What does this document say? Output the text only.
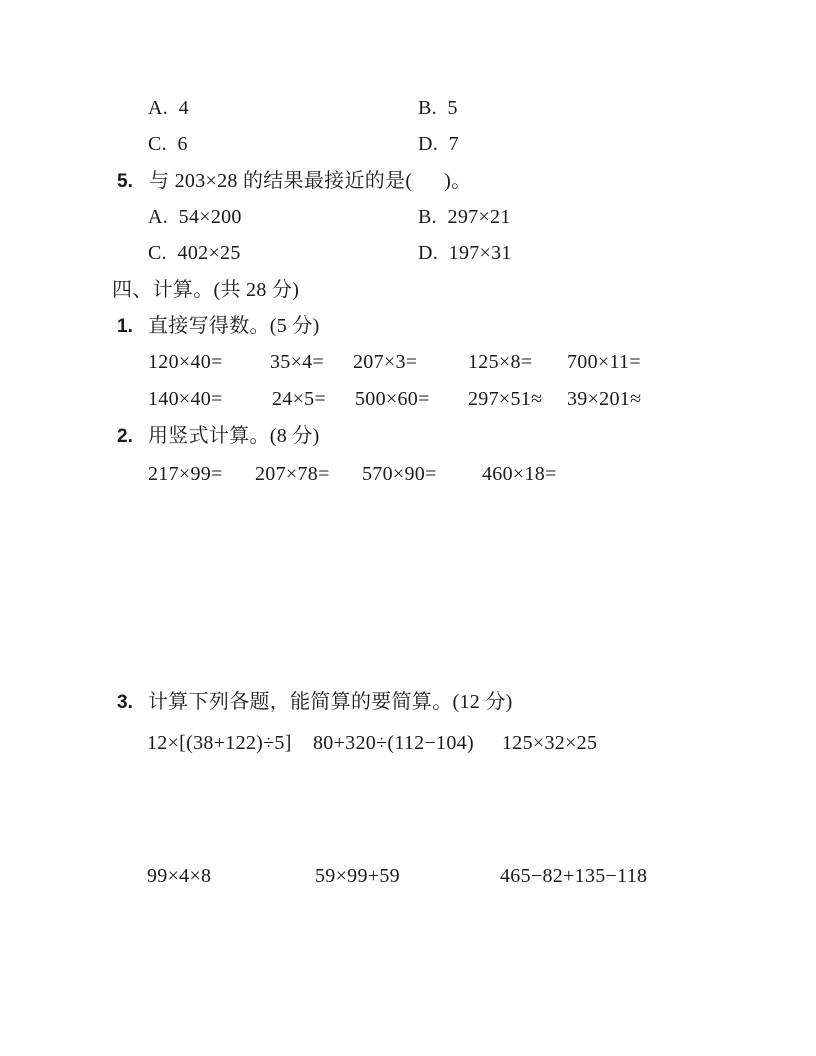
A.  4	B.  5
C.  6	D.  7
5. 与 203×28 的结果最接近的是(      )。
A.  54×200	B.  297×21
C.  402×25	D.  197×31
四、计算。(共 28 分)
1. 直接写得数。(5 分)
120×40= 35×4= 207×3=	125×8= 700×11=
140×40= 24×5= 500×60= 297×51≈ 39×201≈
2. 用竖式计算。(8 分)
217×99= 207×78= 570×90= 460×18=
3. 计算下列各题，能简算的要简算。(12 分)
12×[(38+122)÷5] 80+320÷(112−104) 125×32×25
99×4×8	59×99+59	465−82+135−118
